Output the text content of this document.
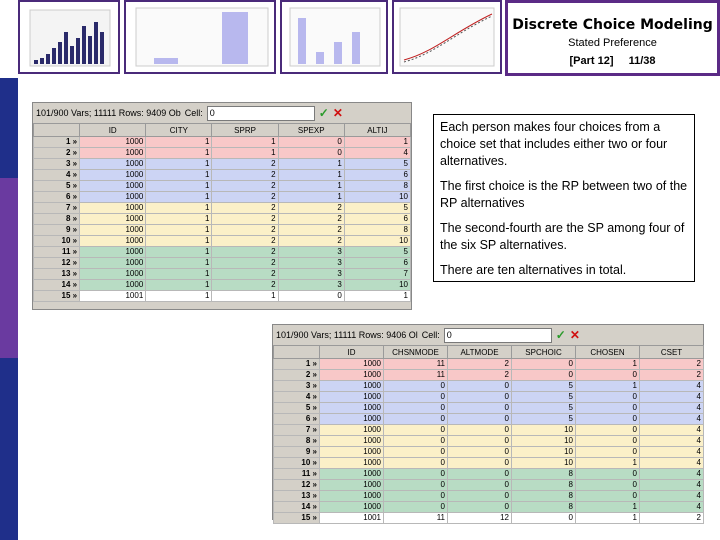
Discrete Choice Modeling
Stated Preference
[Part 12] 11/38
101/900 Vars; 11111 Rows: 9409 Ob Cell: 0	✓ ✕
	ID	CITY	SPRP	SPEXP	ALTIJ
1 »	1000	1	1	0	1
2 »	1000	1	1	0	4
3 »	1000	1	2	1	5
4 »	1000	1	2	1	6
5 »	1000	1	2	1	8
6 »	1000	1	2	1	10
7 »	1000	1	2	2	5
8 »	1000	1	2	2	6
9 »	1000	1	2	2	8
10 »	1000	1	2	2	10
11 »	1000	1	2	3	5
12 »	1000	1	2	3	6
13 »	1000	1	2	3	7
14 »	1000	1	2	3	10
15 »	1001	1	1	0	1

Each person makes four choices from a choice set that includes either two or four alternatives.

The first choice is the RP between two of the RP alternatives

The second-fourth are the SP among four of the six SP alternatives.

There are ten alternatives in total.

101/900 Vars; 11111 Rows: 9406 Ol Cell: 0	✓ ✕
	ID	CHSNMODE	ALTMODE	SPCHOIC	CHOSEN	CSET
1 »	1000	11	2	0	1	2
2 »	1000	11	2	0	0	2
3 »	1000	0	0	5	1	4
4 »	1000	0	0	5	0	4
5 »	1000	0	0	5	0	4
6 »	1000	0	0	5	0	4
7 »	1000	0	0	10	0	4
8 »	1000	0	0	10	0	4
9 »	1000	0	0	10	0	4
10 »	1000	0	0	10	1	4
11 »	1000	0	0	8	0	4
12 »	1000	0	0	8	0	4
13 »	1000	0	0	8	0	4
14 »	1000	0	0	8	1	4
15 »	1001	11	12	0	1	2
